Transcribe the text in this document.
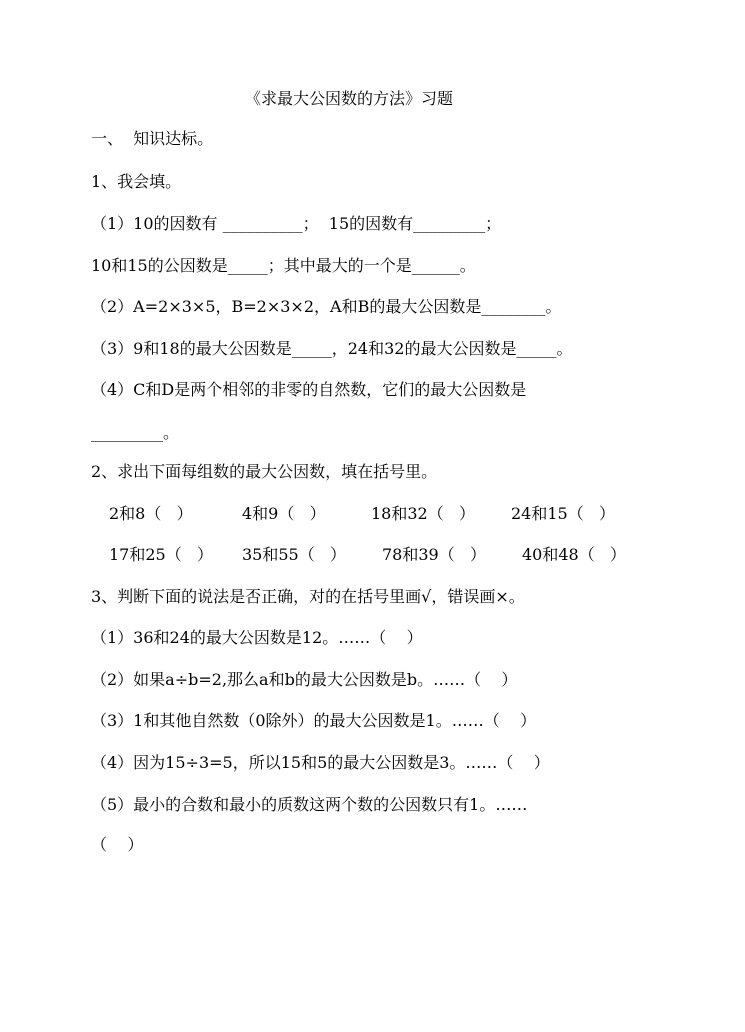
《求最大公因数的方法》习题
一、  知识达标。
1、我会填。
（1）10的因数有 __________；  15的因数有_________；
10和15的公因数是_____；其中最大的一个是______。
（2）A=2×3×5，B=2×3×2，A和B的最大公因数是________。
（3）9和18的最大公因数是_____，24和32的最大公因数是_____。
（4）C和D是两个相邻的非零的自然数，它们的最大公因数是
_________。
2、求出下面每组数的最大公因数，填在括号里。
2和8（   ）	4和9（   ）	18和32（   ） 24和15（   ）
17和25（   ） 35和55（   ） 78和39（   ） 40和48（   ）
3、判断下面的说法是否正确，对的在括号里画√，错误画×。
（1）36和24的最大公因数是12。……（    ）
（2）如果a÷b=2,那么a和b的最大公因数是b。……（    ）
（3）1和其他自然数（0除外）的最大公因数是1。……（    ）
（4）因为15÷3=5，所以15和5的最大公因数是3。……（    ）
（5）最小的合数和最小的质数这两个数的公因数只有1。……
（    ）
